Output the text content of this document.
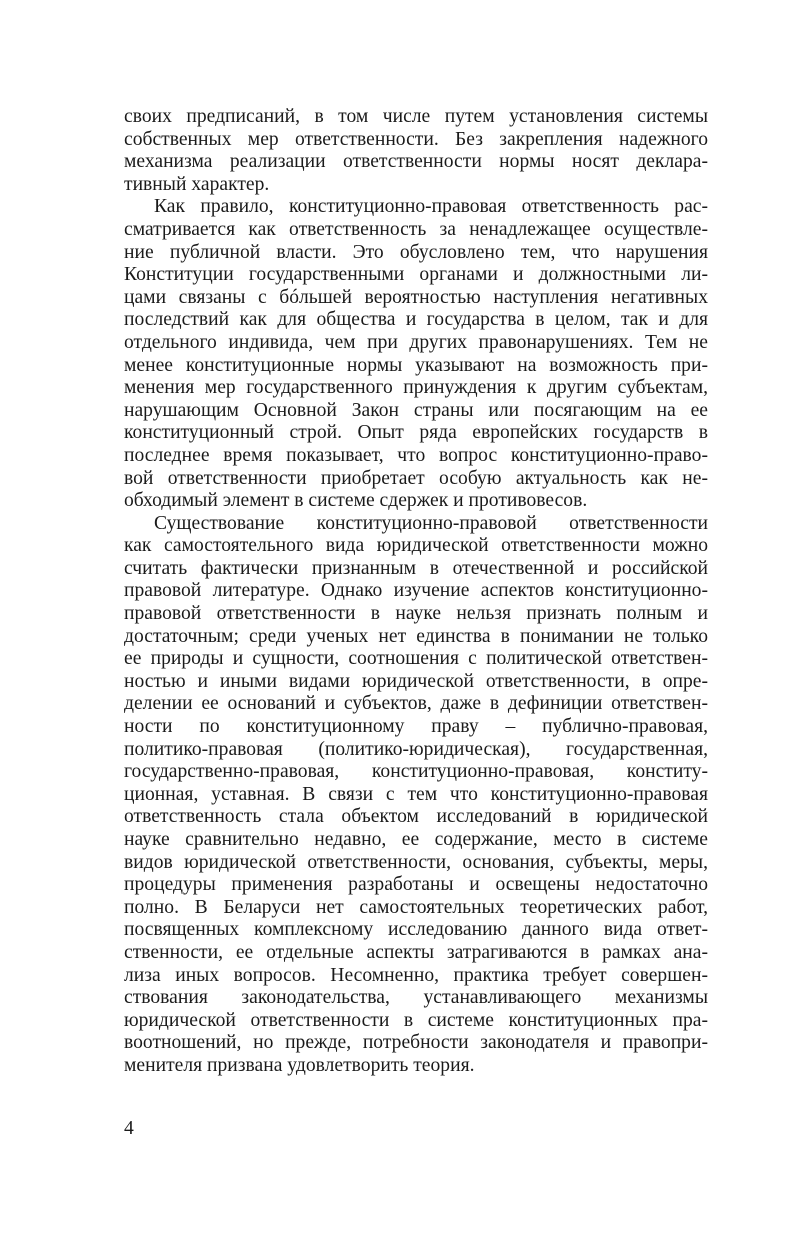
своих предписаний, в том числе путем установления системы
собственных мер ответственности. Без закрепления надежного
механизма реализации ответственности нормы носят деклара-
тивный характер.
Как правило, конституционно-правовая ответственность рас-
сматривается как ответственность за ненадлежащее осуществле-
ние публичной власти. Это обусловлено тем, что нарушения
Конституции государственными органами и должностными ли-
цами связаны с бóльшей вероятностью наступления негативных
последствий как для общества и государства в целом, так и для
отдельного индивида, чем при других правонарушениях. Тем не
менее конституционные нормы указывают на возможность при-
менения мер государственного принуждения к другим субъектам,
нарушающим Основной Закон страны или посягающим на ее
конституционный строй. Опыт ряда европейских государств в
последнее время показывает, что вопрос конституционно-право-
вой ответственности приобретает особую актуальность как не-
обходимый элемент в системе сдержек и противовесов.
Существование конституционно-правовой ответственности
как самостоятельного вида юридической ответственности можно
считать фактически признанным в отечественной и российской
правовой литературе. Однако изучение аспектов конституционно-
правовой ответственности в науке нельзя признать полным и
достаточным; среди ученых нет единства в понимании не только
ее природы и сущности, соотношения с политической ответствен-
ностью и иными видами юридической ответственности, в опре-
делении ее оснований и субъектов, даже в дефиниции ответствен-
ности по конституционному праву – публично-правовая,
политико-правовая (политико-юридическая), государственная,
государственно-правовая, конституционно-правовая, конститу-
ционная, уставная. В связи с тем что конституционно-правовая
ответственность стала объектом исследований в юридической
науке сравнительно недавно, ее содержание, место в системе
видов юридической ответственности, основания, субъекты, меры,
процедуры применения разработаны и освещены недостаточно
полно. В Беларуси нет самостоятельных теоретических работ,
посвященных комплексному исследованию данного вида ответ-
ственности, ее отдельные аспекты затрагиваются в рамках ана-
лиза иных вопросов. Несомненно, практика требует совершен-
ствования законодательства, устанавливающего механизмы
юридической ответственности в системе конституционных пра-
воотношений, но прежде, потребности законодателя и правопри-
менителя призвана удовлетворить теория.
4
